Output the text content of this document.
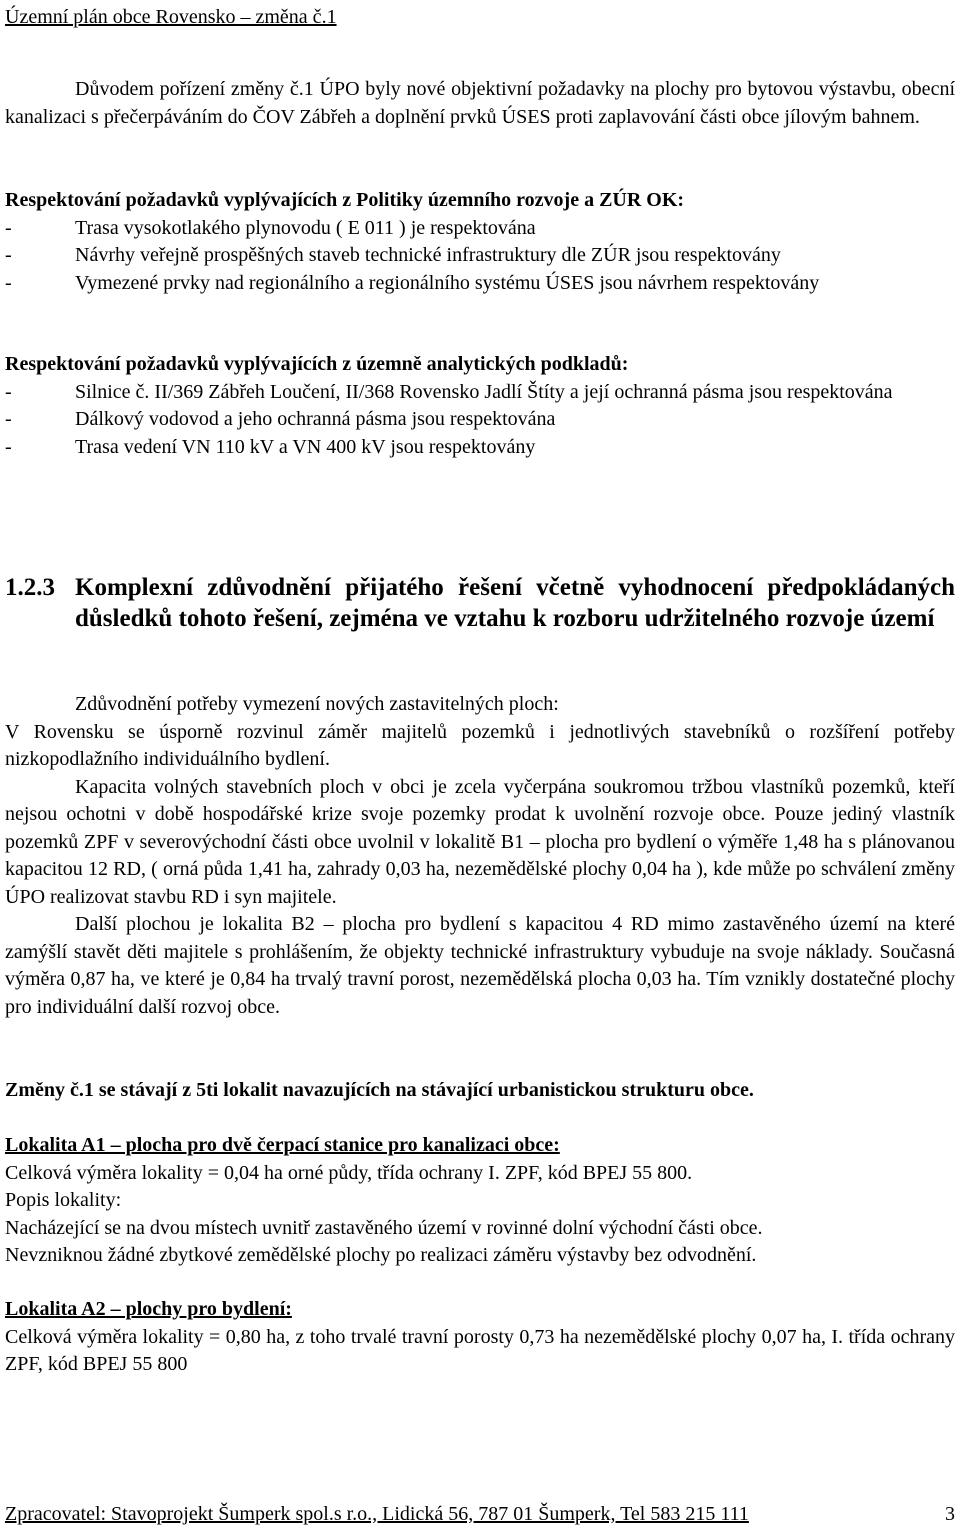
Územní plán obce Rovensko – změna č.1

Důvodem pořízení změny č.1 ÚPO byly nové objektivní požadavky na plochy pro bytovou výstavbu, obecní kanalizaci s přečerpáváním do ČOV Zábřeh a doplnění prvků ÚSES proti zaplavování části obce jílovým bahnem.

Respektování požadavků vyplývajících z Politiky územního rozvoje a ZÚR OK:

-	Trasa vysokotlakého plynovodu ( E 011 ) je respektována
-	Návrhy veřejně prospěšných staveb technické infrastruktury dle ZÚR jsou respektovány
-	Vymezené prvky nad regionálního a regionálního systému ÚSES jsou návrhem respektovány

Respektování požadavků vyplývajících z územně analytických podkladů:

-	Silnice č. II/369 Zábřeh Loučení, II/368 Rovensko Jadlí Štíty a její ochranná pásma jsou respektována
-	Dálkový vodovod a jeho ochranná pásma jsou respektována
-	Trasa vedení VN 110 kV a VN 400 kV jsou respektovány
1.2.3 Komplexní zdůvodnění přijatého řešení včetně vyhodnocení předpokládaných důsledků tohoto řešení, zejména ve vztahu k rozboru udržitelného rozvoje území

Zdůvodnění potřeby vymezení nových zastavitelných ploch:

V Rovensku se úsporně rozvinul záměr majitelů pozemků i jednotlivých stavebníků o rozšíření potřeby nizkopodlažního individuálního bydlení.

Kapacita volných stavebních ploch v obci je zcela vyčerpána soukromou tržbou vlastníků pozemků, kteří nejsou ochotni v době hospodářské krize svoje pozemky prodat k uvolnění rozvoje obce. Pouze jediný vlastník pozemků ZPF v severovýchodní části obce uvolnil v lokalitě B1 – plocha pro bydlení o výměře 1,48 ha s plánovanou kapacitou 12 RD, ( orná půda 1,41 ha, zahrady 0,03 ha, nezemědělské plochy 0,04 ha ), kde může po schválení změny ÚPO realizovat stavbu RD i syn majitele.

Další plochou je lokalita B2 – plocha pro bydlení s kapacitou 4 RD mimo zastavěného území na které zamýšlí stavět děti majitele s prohlášením, že objekty technické infrastruktury vybuduje na svoje náklady. Současná výměra 0,87 ha, ve které je 0,84 ha trvalý travní porost, nezemědělská plocha 0,03 ha. Tím vznikly dostatečné plochy pro individuální další rozvoj obce.

Změny č.1 se stávají z 5ti lokalit navazujících na stávající urbanistickou strukturu obce.

Lokalita A1 – plocha pro dvě čerpací stanice pro kanalizaci obce:

Celková výměra lokality = 0,04 ha orné půdy, třída ochrany I. ZPF, kód BPEJ 55 800.

Popis lokality:

Nacházející se na dvou místech uvnitř zastavěného území v rovinné dolní východní části obce.

Nevzniknou žádné zbytkové zemědělské plochy po realizaci záměru výstavby bez odvodnění.

Lokalita A2 – plochy pro bydlení:

Celková výměra lokality = 0,80 ha, z toho trvalé travní porosty 0,73 ha nezemědělské plochy 0,07 ha, I. třída ochrany ZPF, kód BPEJ 55 800

Zpracovatel: Stavoprojekt Šumperk spol.s r.o., Lidická 56, 787 01 Šumperk, Tel 583 215 111	3
